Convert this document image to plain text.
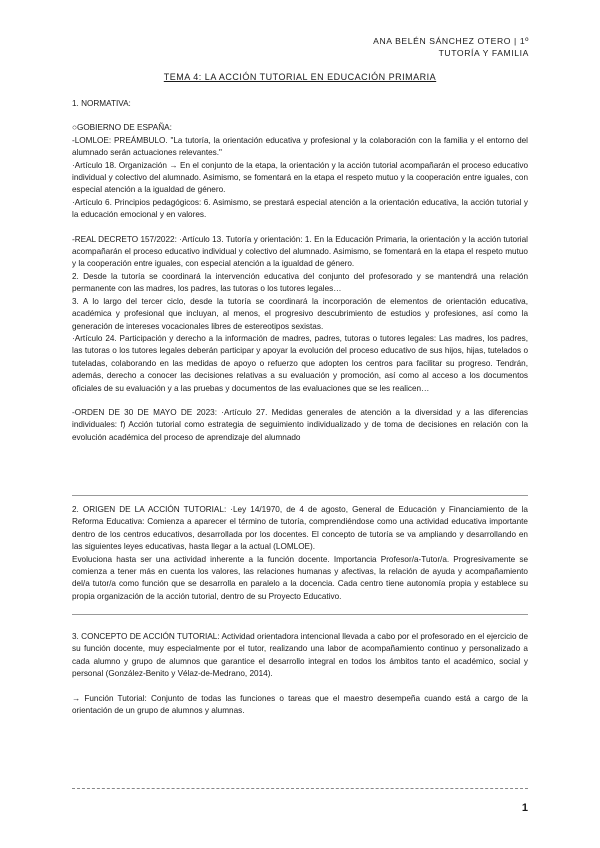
ANA BELÉN SÁNCHEZ OTERO | 1º
TUTORÍA Y FAMILIA
TEMA 4: LA ACCIÓN TUTORIAL EN EDUCACIÓN PRIMARIA

1. NORMATIVA:

○GOBIERNO DE ESPAÑA:

-LOMLOE: PREÁMBULO. "La tutoría, la orientación educativa y profesional y la colaboración con la familia y el entorno del alumnado serán actuaciones relevantes."

·Artículo 18. Organización → En el conjunto de la etapa, la orientación y la acción tutorial acompañarán el proceso educativo individual y colectivo del alumnado. Asimismo, se fomentará en la etapa el respeto mutuo y la cooperación entre iguales, con especial atención a la igualdad de género.

·Artículo 6. Principios pedagógicos: 6. Asimismo, se prestará especial atención a la orientación educativa, la acción tutorial y la educación emocional y en valores.

-REAL DECRETO 157/2022: ·Artículo 13. Tutoría y orientación: 1. En la Educación Primaria, la orientación y la acción tutorial acompañarán el proceso educativo individual y colectivo del alumnado. Asimismo, se fomentará en la etapa el respeto mutuo y la cooperación entre iguales, con especial atención a la igualdad de género.

2. Desde la tutoría se coordinará la intervención educativa del conjunto del profesorado y se mantendrá una relación permanente con las madres, los padres, las tutoras o los tutores legales…

3. A lo largo del tercer ciclo, desde la tutoría se coordinará la incorporación de elementos de orientación educativa, académica y profesional que incluyan, al menos, el progresivo descubrimiento de estudios y profesiones, así como la generación de intereses vocacionales libres de estereotipos sexistas.

·Artículo 24. Participación y derecho a la información de madres, padres, tutoras o tutores legales: Las madres, los padres, las tutoras o los tutores legales deberán participar y apoyar la evolución del proceso educativo de sus hijos, hijas, tutelados o tuteladas, colaborando en las medidas de apoyo o refuerzo que adopten los centros para facilitar su progreso. Tendrán, además, derecho a conocer las decisiones relativas a su evaluación y promoción, así como al acceso a los documentos oficiales de su evaluación y a las pruebas y documentos de las evaluaciones que se les realicen…

-ORDEN DE 30 DE MAYO DE 2023: ·Artículo 27. Medidas generales de atención a la diversidad y a las diferencias individuales: f) Acción tutorial como estrategia de seguimiento individualizado y de toma de decisiones en relación con la evolución académica del proceso de aprendizaje del alumnado

2. ORIGEN DE LA ACCIÓN TUTORIAL: ·Ley 14/1970, de 4 de agosto, General de Educación y Financiamiento de la Reforma Educativa: Comienza a aparecer el término de tutoría, comprendiéndose como una actividad educativa importante dentro de los centros educativos, desarrollada por los docentes. El concepto de tutoría se va ampliando y desarrollando en las siguientes leyes educativas, hasta llegar a la actual (LOMLOE).

Evoluciona hasta ser una actividad inherente a la función docente. Importancia Profesor/a-Tutor/a. Progresivamente se comienza a tener más en cuenta los valores, las relaciones humanas y afectivas, la relación de ayuda y acompañamiento del/a tutor/a como función que se desarrolla en paralelo a la docencia. Cada centro tiene autonomía propia y establece su propia organización de la acción tutorial, dentro de su Proyecto Educativo.

3. CONCEPTO DE ACCIÓN TUTORIAL: Actividad orientadora intencional llevada a cabo por el profesorado en el ejercicio de su función docente, muy especialmente por el tutor, realizando una labor de acompañamiento continuo y personalizado a cada alumno y grupo de alumnos que garantice el desarrollo integral en todos los ámbitos tanto el académico, social y personal (González-Benito y Vélaz-de-Medrano, 2014).

→ Función Tutorial: Conjunto de todas las funciones o tareas que el maestro desempeña cuando está a cargo de la orientación de un grupo de alumnos y alumnas.

1
